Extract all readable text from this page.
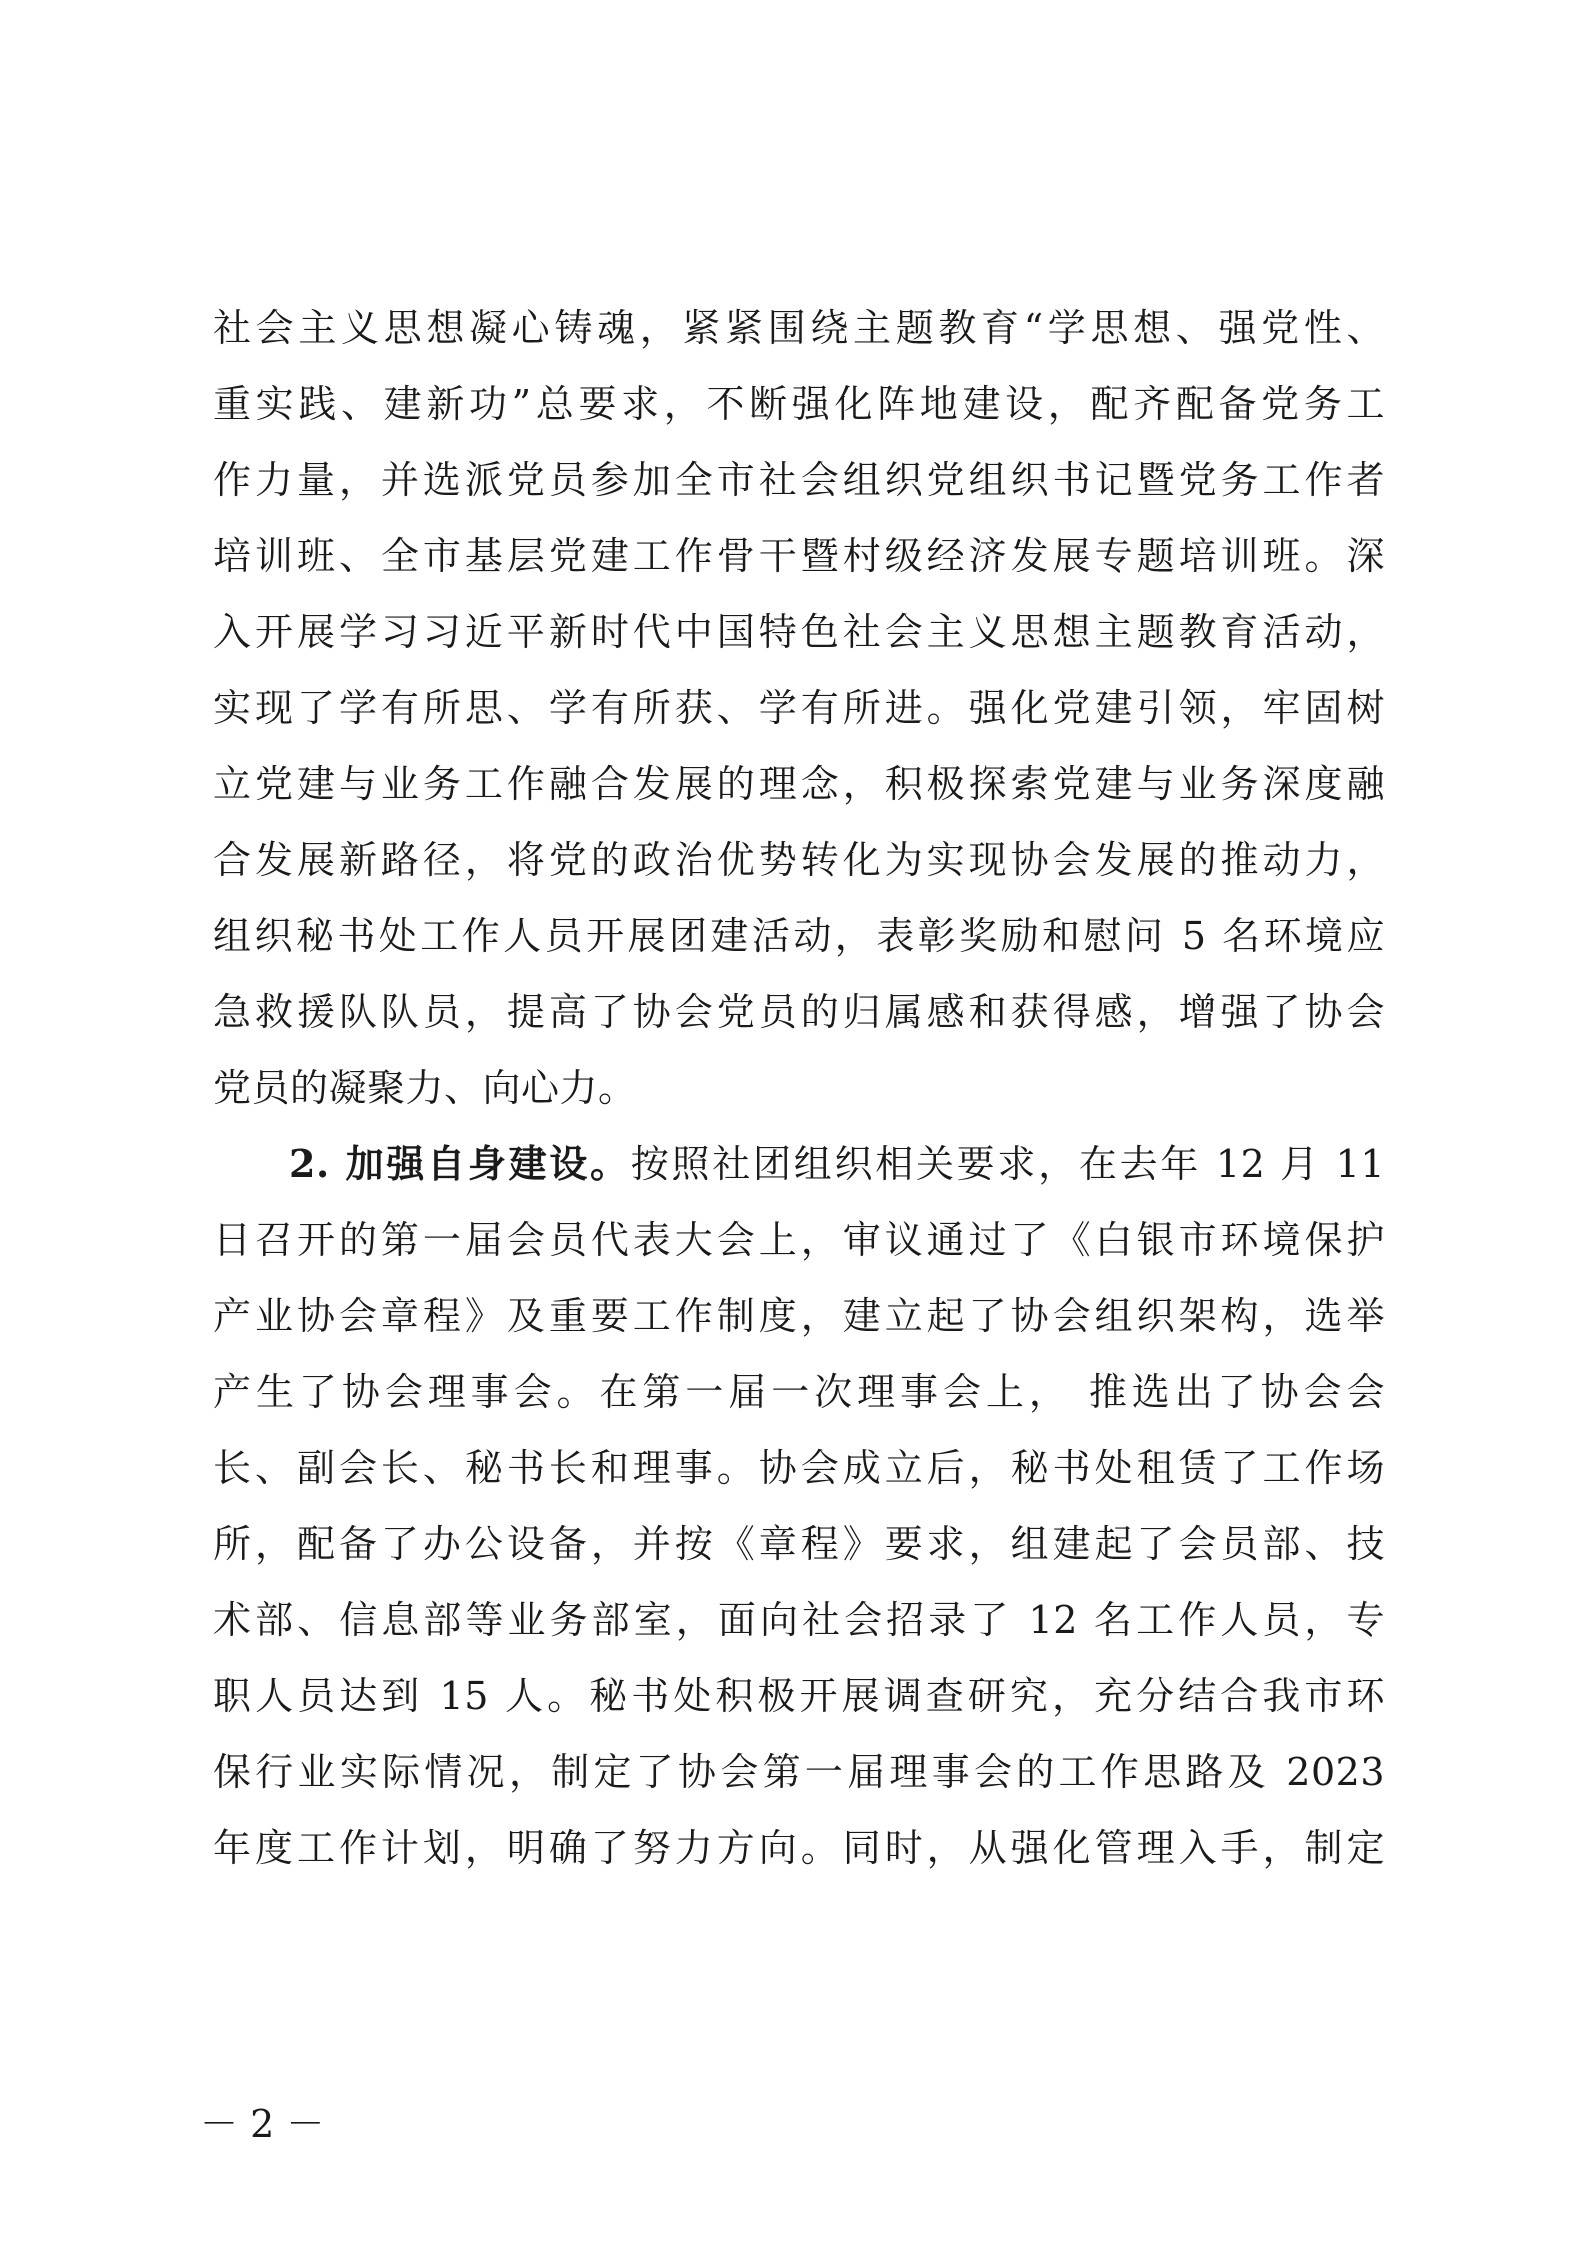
社会主义思想凝心铸魂，紧紧围绕主题教育“学思想、强党性、
重实践、建新功”总要求，不断强化阵地建设，配齐配备党务工
作力量，并选派党员参加全市社会组织党组织书记暨党务工作者
培训班、全市基层党建工作骨干暨村级经济发展专题培训班。深
入开展学习习近平新时代中国特色社会主义思想主题教育活动，
实现了学有所思、学有所获、学有所进。强化党建引领，牢固树
立党建与业务工作融合发展的理念，积极探索党建与业务深度融
合发展新路径，将党的政治优势转化为实现协会发展的推动力，
组织秘书处工作人员开展团建活动，表彰奖励和慰问 5 名环境应
急救援队队员，提高了协会党员的归属感和获得感，增强了协会
党员的凝聚力、向心力。
2. 加强自身建设。按照社团组织相关要求，在去年 12 月 11
日召开的第一届会员代表大会上，审议通过了《白银市环境保护
产业协会章程》及重要工作制度，建立起了协会组织架构，选举
产生了协会理事会。在第一届一次理事会上， 推选出了协会会
长、副会长、秘书长和理事。协会成立后，秘书处租赁了工作场
所，配备了办公设备，并按《章程》要求，组建起了会员部、技
术部、信息部等业务部室，面向社会招录了 12 名工作人员，专
职人员达到 15 人。秘书处积极开展调查研究，充分结合我市环
保行业实际情况，制定了协会第一届理事会的工作思路及 2023
年度工作计划，明确了努力方向。同时，从强化管理入手，制定
－ 2 －
